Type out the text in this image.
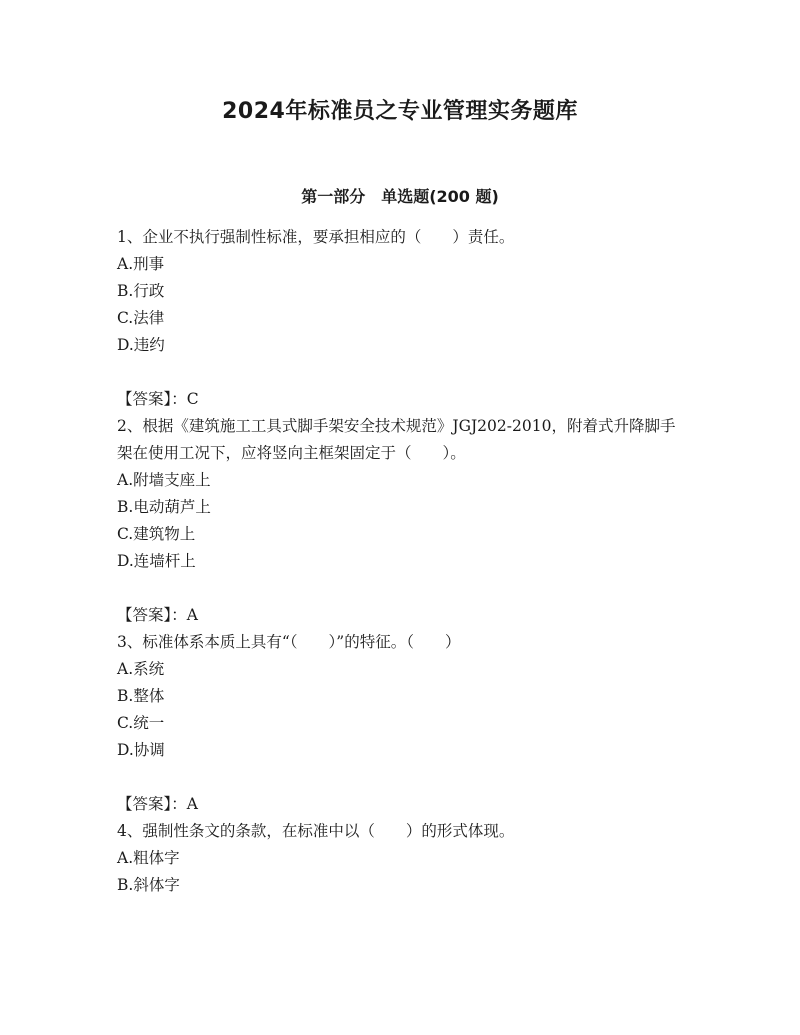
2024年标准员之专业管理实务题库
第一部分　单选题(200 题)
1、企业不执行强制性标准，要承担相应的（　　）责任。
A.刑事
B.行政
C.法律
D.违约
【答案】：C
2、根据《建筑施工工具式脚手架安全技术规范》JGJ202-2010，附着式升降脚手架在使用工况下，应将竖向主框架固定于（　　）。
A.附墙支座上
B.电动葫芦上
C.建筑物上
D.连墙杆上
【答案】：A
3、标准体系本质上具有“（　　）”的特征。（　　）
A.系统
B.整体
C.统一
D.协调
【答案】：A
4、强制性条文的条款，在标准中以（　　）的形式体现。
A.粗体字
B.斜体字
